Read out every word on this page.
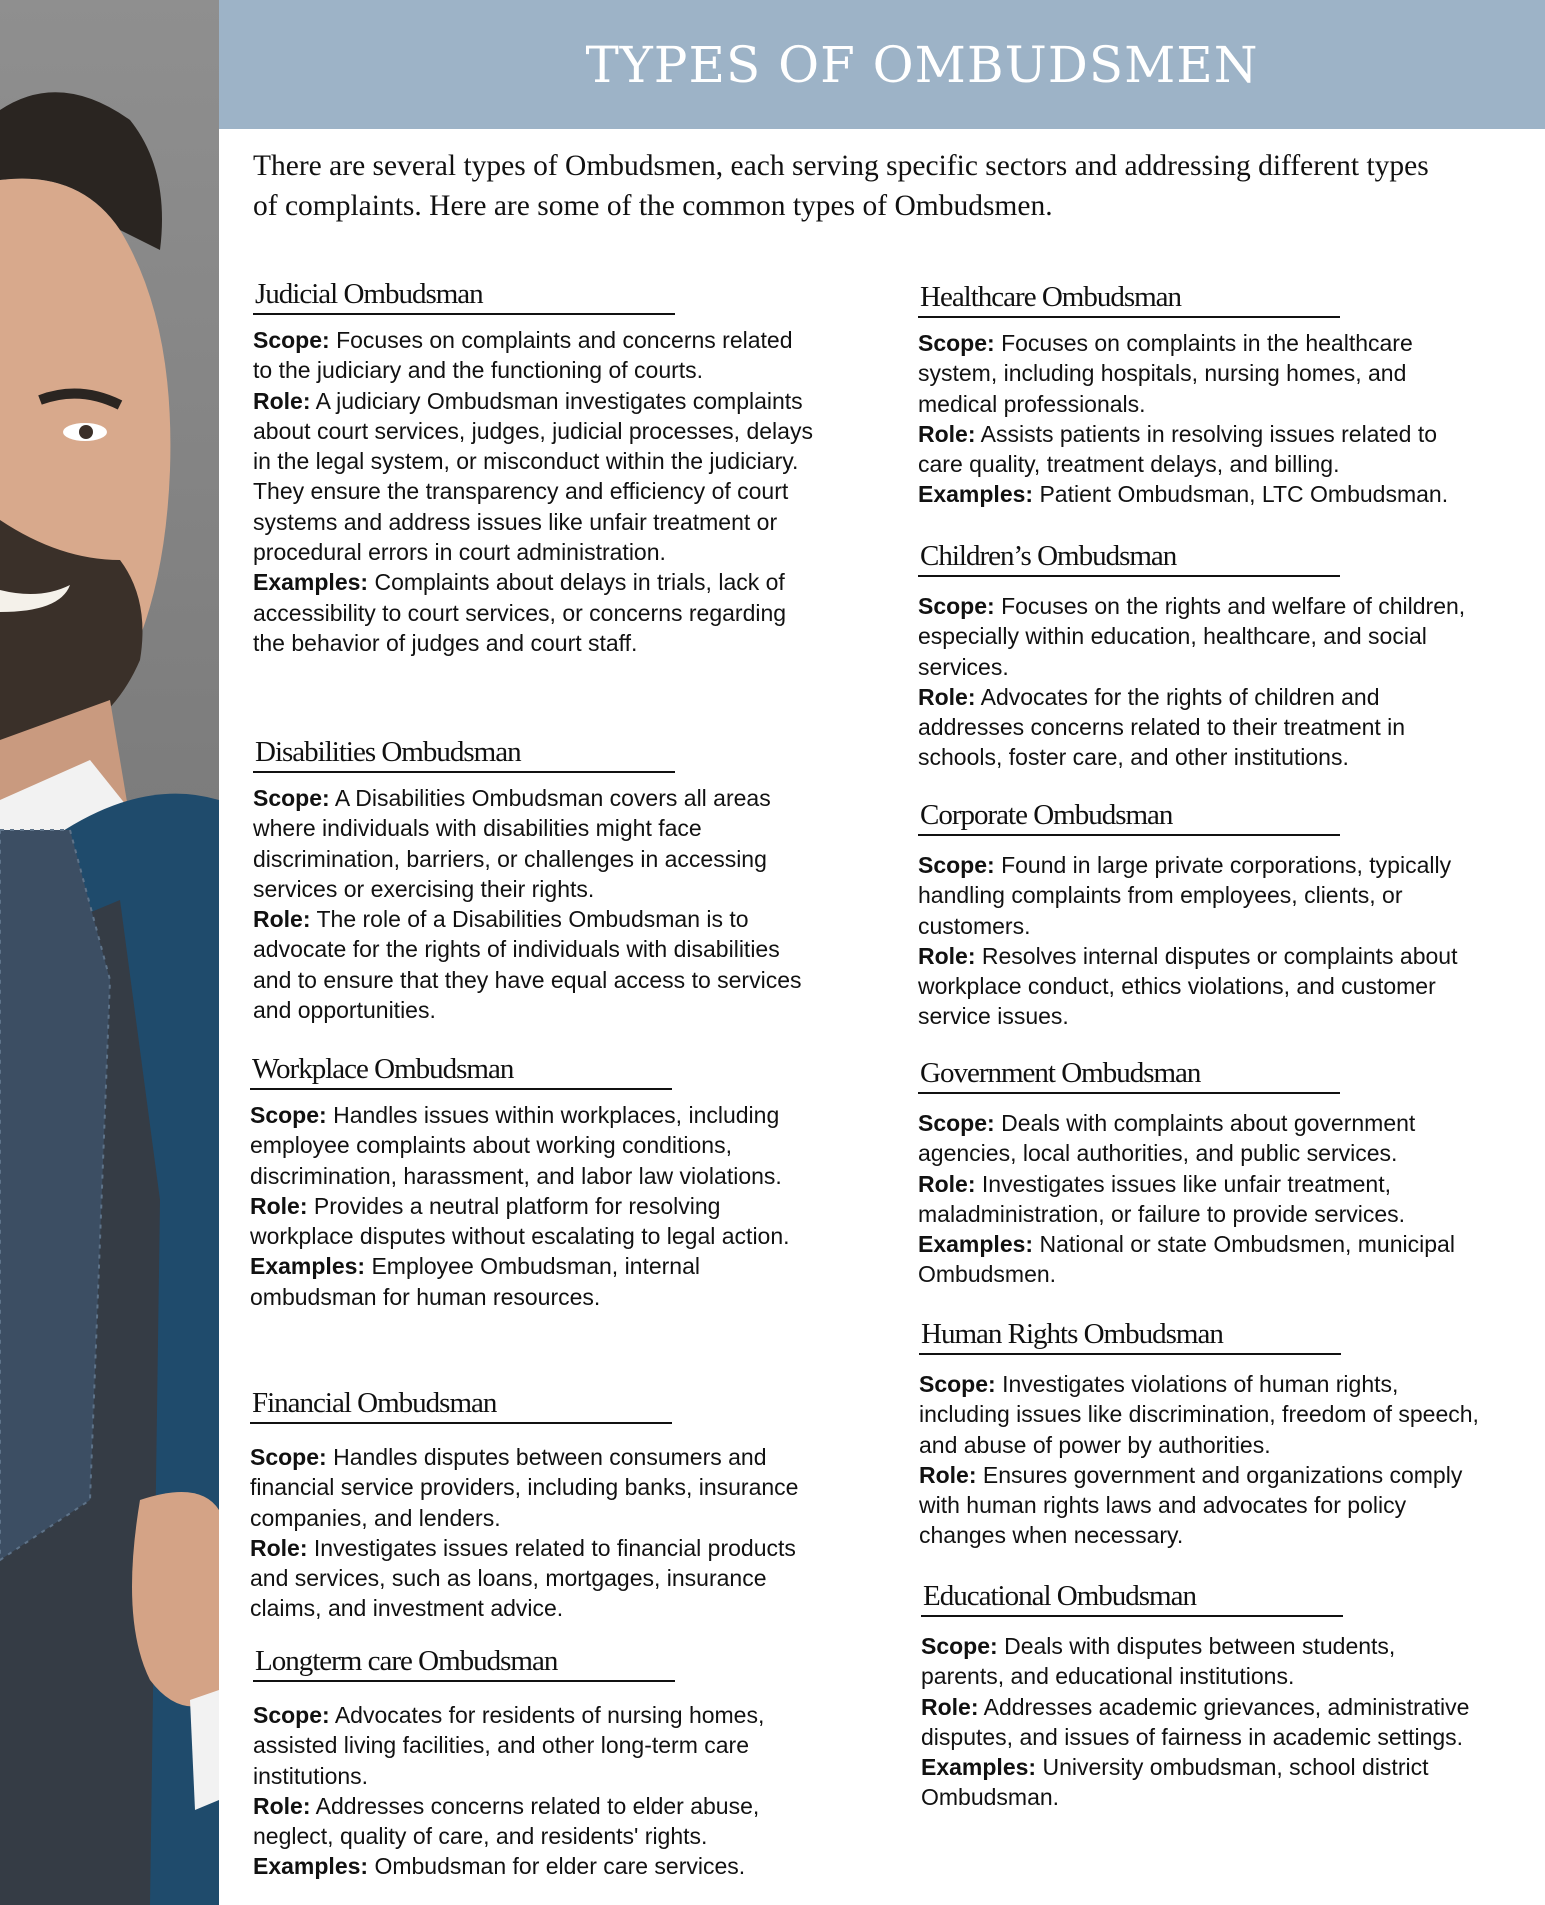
TYPES OF OMBUDSMEN

There are several types of Ombudsmen, each serving specific sectors and addressing different types of complaints. Here are some of the common types of Ombudsmen.

Judicial Ombudsman
Scope: Focuses on complaints and concerns related to the judiciary and the functioning of courts.
Role: A judiciary Ombudsman investigates complaints about court services, judges, judicial processes, delays in the legal system, or misconduct within the judiciary. They ensure the transparency and efficiency of court systems and address issues like unfair treatment or procedural errors in court administration.
Examples: Complaints about delays in trials, lack of accessibility to court services, or concerns regarding the behavior of judges and court staff.
Disabilities Ombudsman
Scope: A Disabilities Ombudsman covers all areas where individuals with disabilities might face discrimination, barriers, or challenges in accessing services or exercising their rights.
Role: The role of a Disabilities Ombudsman is to advocate for the rights of individuals with disabilities and to ensure that they have equal access to services and opportunities.
Workplace Ombudsman
Scope: Handles issues within workplaces, including employee complaints about working conditions, discrimination, harassment, and labor law violations.
Role: Provides a neutral platform for resolving workplace disputes without escalating to legal action.
Examples: Employee Ombudsman, internal ombudsman for human resources.
Financial Ombudsman
Scope: Handles disputes between consumers and financial service providers, including banks, insurance companies, and lenders.
Role: Investigates issues related to financial products and services, such as loans, mortgages, insurance claims, and investment advice.
Longterm care Ombudsman
Scope: Advocates for residents of nursing homes, assisted living facilities, and other long-term care institutions.
Role: Addresses concerns related to elder abuse, neglect, quality of care, and residents' rights.
Examples: Ombudsman for elder care services.
Healthcare Ombudsman
Scope: Focuses on complaints in the healthcare system, including hospitals, nursing homes, and medical professionals.
Role: Assists patients in resolving issues related to care quality, treatment delays, and billing.
Examples: Patient Ombudsman, LTC Ombudsman.
Children’s Ombudsman
Scope: Focuses on the rights and welfare of children, especially within education, healthcare, and social services.
Role: Advocates for the rights of children and addresses concerns related to their treatment in schools, foster care, and other institutions.
Corporate Ombudsman
Scope: Found in large private corporations, typically handling complaints from employees, clients, or customers.
Role: Resolves internal disputes or complaints about workplace conduct, ethics violations, and customer service issues.
Government Ombudsman
Scope: Deals with complaints about government agencies, local authorities, and public services.
Role: Investigates issues like unfair treatment, maladministration, or failure to provide services.
Examples: National or state Ombudsmen, municipal Ombudsmen.
Human Rights Ombudsman
Scope: Investigates violations of human rights, including issues like discrimination, freedom of speech, and abuse of power by authorities.
Role: Ensures government and organizations comply with human rights laws and advocates for policy changes when necessary.
Educational Ombudsman
Scope: Deals with disputes between students, parents, and educational institutions.
Role: Addresses academic grievances, administrative disputes, and issues of fairness in academic settings.
Examples: University ombudsman, school district Ombudsman.
